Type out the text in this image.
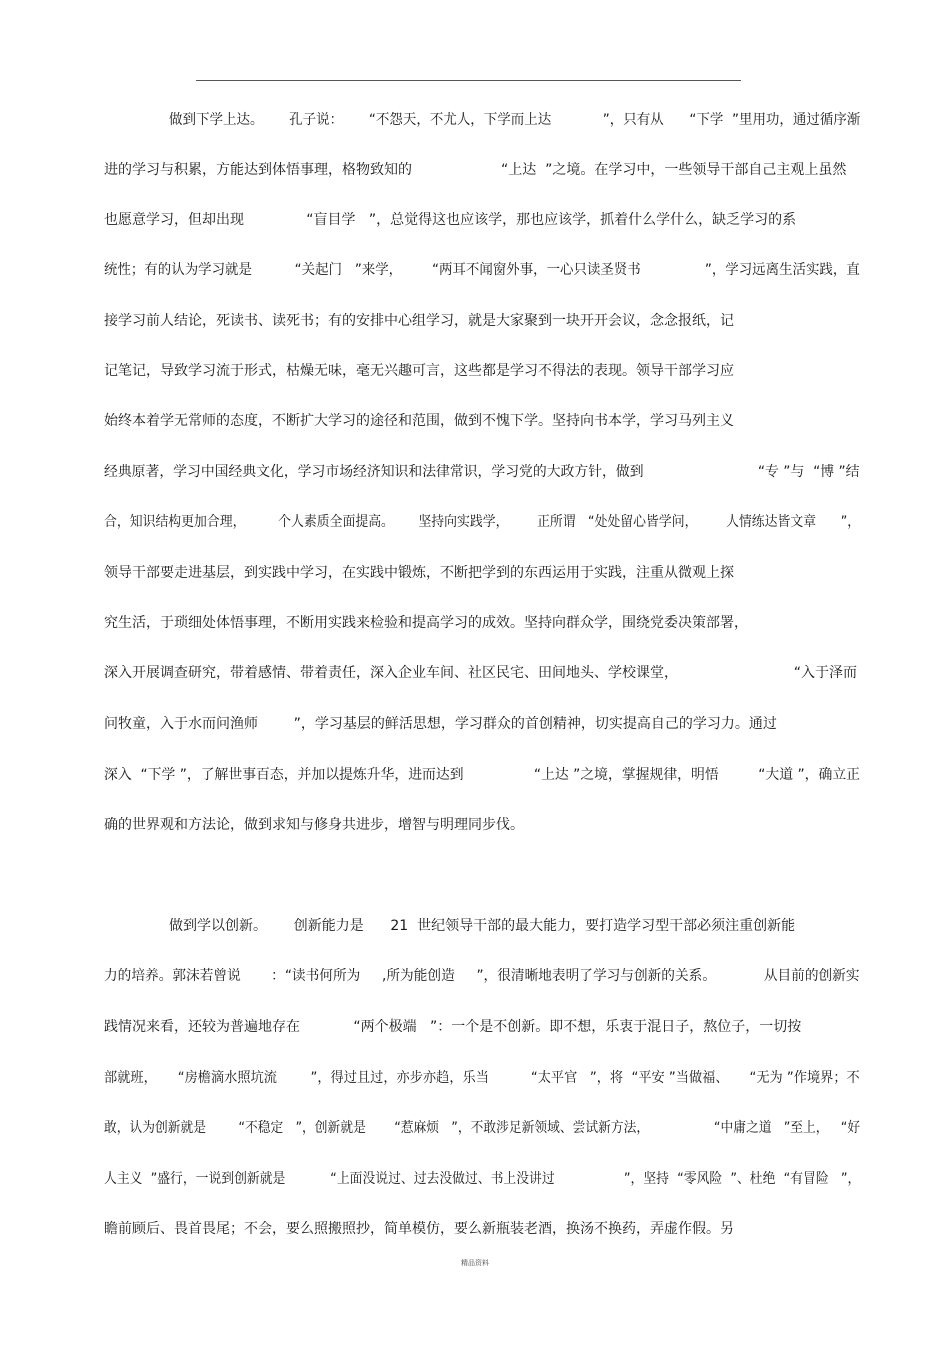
做到下学上达。      孔子说：      “不怨天，不尤人，下学而上达            ”，只有从      “下学  ”里用功，通过循序渐
进的学习与积累，方能达到体悟事理，格物致知的                    “上达  ”之境。在学习中，一些领导干部自己主观上虽然
也愿意学习，但却出现              “盲目学   ”，总觉得这也应该学，那也应该学，抓着什么学什么，缺乏学习的系
统性；有的认为学习就是          “关起门   ”来学，       “两耳不闻窗外事，一心只读圣贤书               ”，学习远离生活实践，直
接学习前人结论，死读书、读死书；有的安排中心组学习，就是大家聚到一块开开会议，念念报纸，记
记笔记，导致学习流于形式，枯燥无味，毫无兴趣可言，这些都是学习不得法的表现。领导干部学习应
始终本着学无常师的态度，不断扩大学习的途径和范围，做到不愧下学。坚持向书本学，学习马列主义
经典原著，学习中国经典文化，学习市场经济知识和法律常识，学习党的大政方针，做到                          “专 ”与  “博 ”结
合，知识结构更加合理，        个人素质全面提高。      坚持向实践学，       正所谓   “处处留心皆学问，       人情练达皆文章      ”，
领导干部要走进基层，到实践中学习，在实践中锻炼，不断把学到的东西运用于实践，注重从微观上探
究生活，于琐细处体悟事理，不断用实践来检验和提高学习的成效。坚持向群众学，围绕党委决策部署，
深入开展调查研究，带着感情、带着责任，深入企业车间、社区民宅、田间地头、学校课堂，                          “入于泽而
问牧童，入于水而问渔师        ”，学习基层的鲜活思想，学习群众的首创精神，切实提高自己的学习力。通过
深入  “下学 ”，了解世事百态，并加以提炼升华，进而达到                “上达 ”之境，掌握规律，明悟         “大道 ”，确立正
确的世界观和方法论，做到求知与修身共进步，增智与明理同步伐。
做到学以创新。      创新能力是      21  世纪领导干部的最大能力，要打造学习型干部必须注重创新能
力的培养。郭沫若曾说       ：“读书何所为     ,所为能创造     ”，很清晰地表明了学习与创新的关系。           从目前的创新实
践情况来看，还较为普遍地存在            “两个极端   ”：一个是不创新。即不想，乐衷于混日子，熬位子，一切按
部就班，     “房檐滴水照坑流        ”，得过且过，亦步亦趋，乐当          “太平官   ”，将  “平安 ”当做福、     “无为 ”作境界；不
敢，认为创新就是        “不稳定   ”，创新就是       “惹麻烦   ”，不敢涉足新领域、尝试新方法，                “中庸之道   ”至上，   “好
人主义  ”盛行，一说到创新就是           “上面没说过、过去没做过、书上没讲过                 ”，坚持  “零风险  ”、杜绝  “有冒险   ”，
瞻前顾后、畏首畏尾；不会，要么照搬照抄，简单模仿，要么新瓶装老酒，换汤不换药，弄虚作假。另
精品资料
